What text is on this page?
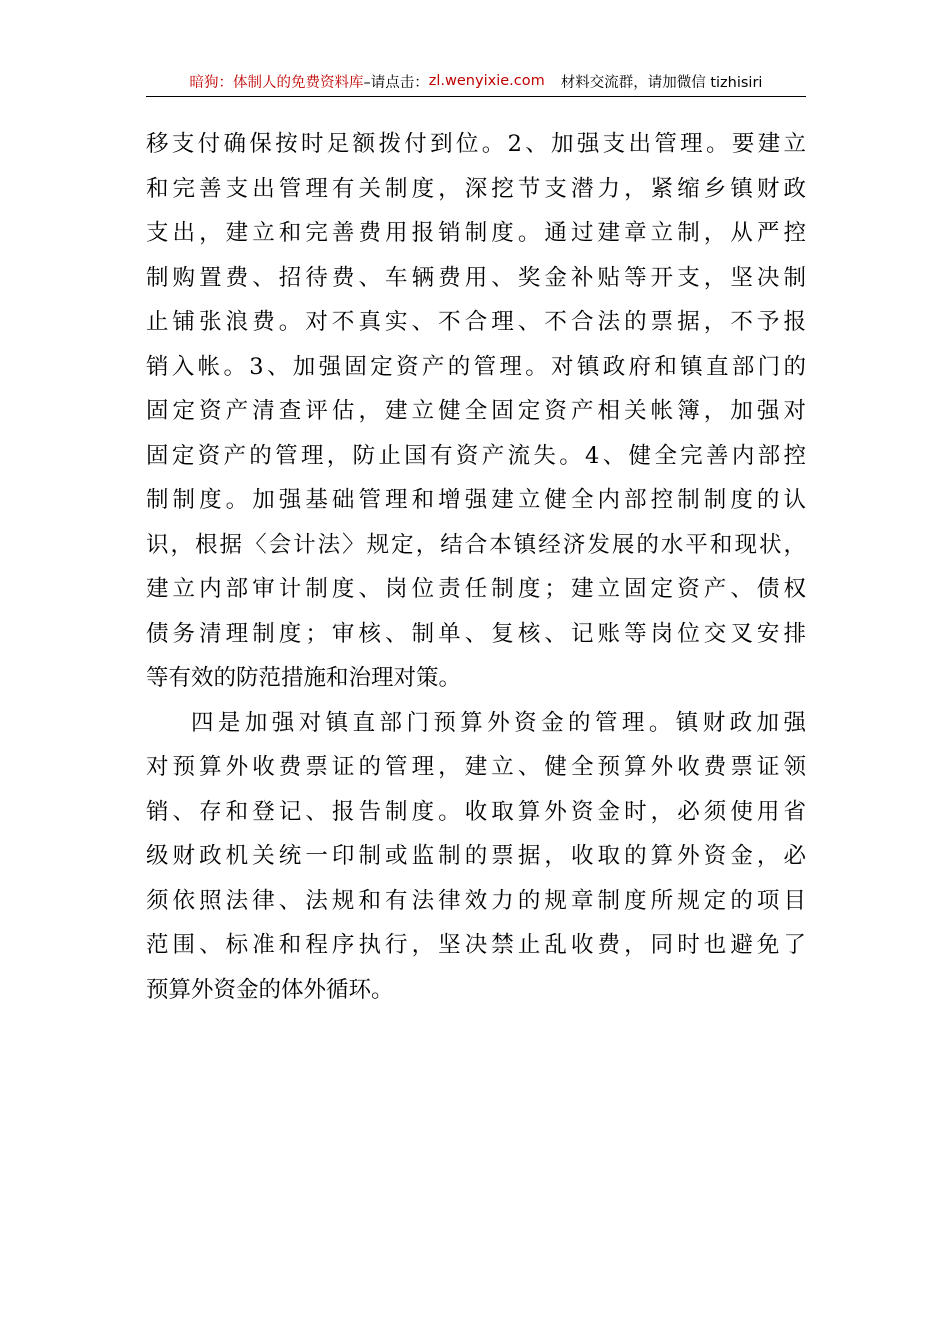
暗狗：体制人的免费资料库 –请点击： zl.wenyixie.com 材料交流群，请加微信 tizhisiri
移支付确保按时足额拨付到位。2、加强支出管理。要建立
和完善支出管理有关制度，深挖节支潜力，紧缩乡镇财政
支出，建立和完善费用报销制度。通过建章立制，从严控
制购置费、招待费、车辆费用、奖金补贴等开支，坚决制
止铺张浪费。对不真实、不合理、不合法的票据，不予报
销入帐。3、加强固定资产的管理。对镇政府和镇直部门的
固定资产清查评估，建立健全固定资产相关帐簿，加强对
固定资产的管理，防止国有资产流失。4、健全完善内部控
制制度。加强基础管理和增强建立健全内部控制制度的认
识，根据〈会计法〉规定，结合本镇经济发展的水平和现状，
建立内部审计制度、岗位责任制度；建立固定资产、债权
债务清理制度；审核、制单、复核、记账等岗位交叉安排
等有效的防范措施和治理对策。
四是加强对镇直部门预算外资金的管理。镇财政加强
对预算外收费票证的管理，建立、健全预算外收费票证领
销、存和登记、报告制度。收取算外资金时，必须使用省
级财政机关统一印制或监制的票据，收取的算外资金，必
须依照法律、法规和有法律效力的规章制度所规定的项目
范围、标准和程序执行，坚决禁止乱收费，同时也避免了
预算外资金的体外循环。
